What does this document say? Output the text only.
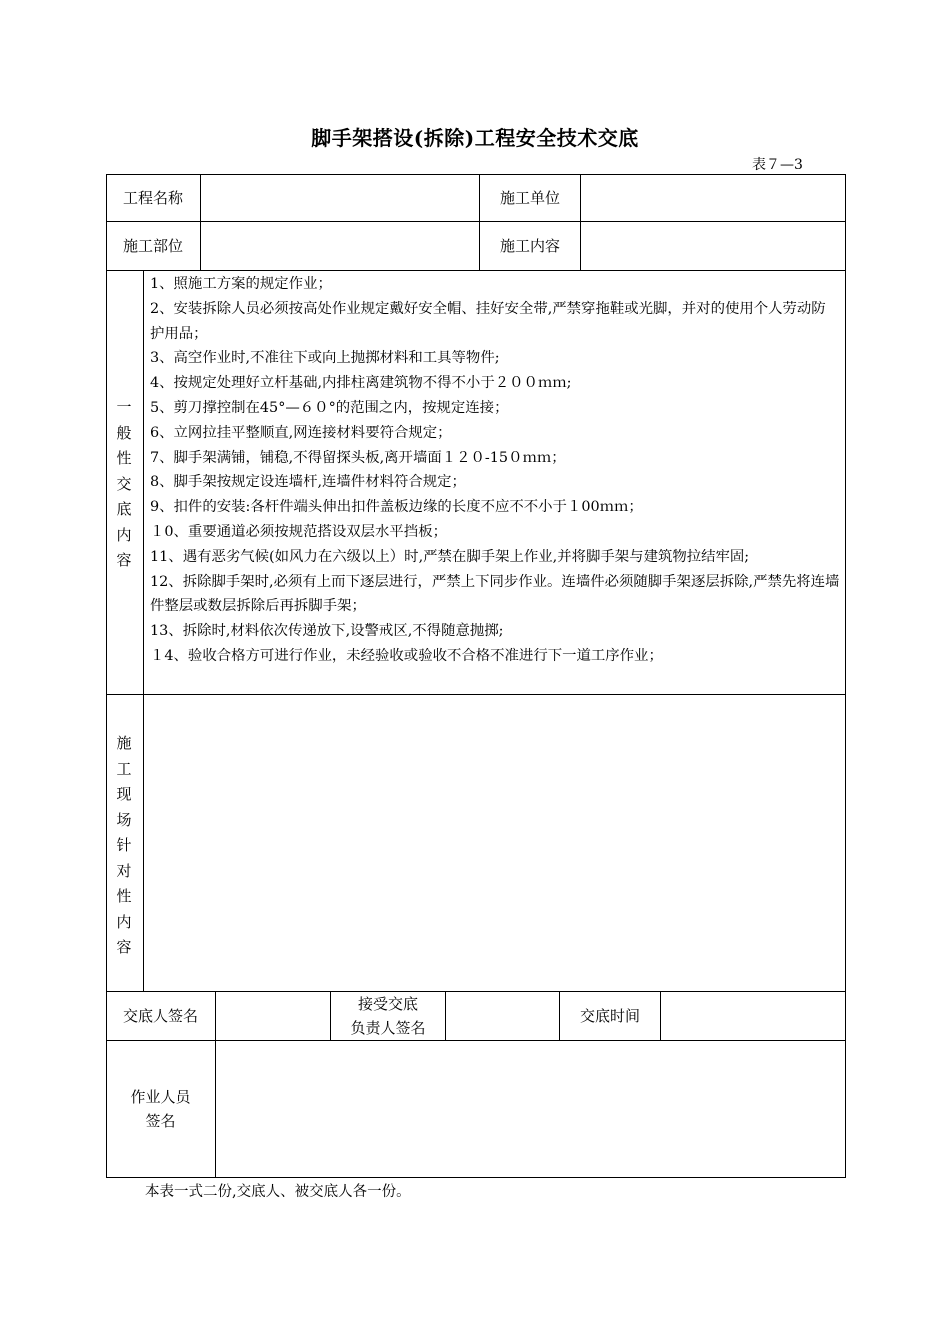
脚手架搭设(拆除)工程安全技术交底
表７—3
工程名称	施工单位
施工部位	施工内容
一
般
性
交
底
内
容
1、照施工方案的规定作业；
2、安装拆除人员必须按高处作业规定戴好安全帽、挂好安全带,严禁穿拖鞋或光脚，并对的使用个人劳动防护用品；
3、高空作业时,不准往下或向上抛掷材料和工具等物件;
4、按规定处理好立杆基础,内排柱离建筑物不得不小于２００ｍｍ;
5、剪刀撑控制在45°—６０°的范围之内，按规定连接；
6、立网拉挂平整顺直,网连接材料要符合规定；
7、脚手架满铺，铺稳,不得留探头板,离开墙面１２０-15０ｍｍ；
8、脚手架按规定设连墙杆,连墙件材料符合规定；
9、扣件的安装:各杆件端头伸出扣件盖板边缘的长度不应不不小于１00ｍｍ；
１0、重要通道必须按规范搭设双层水平挡板；
11、遇有恶劣气候(如风力在六级以上）时,严禁在脚手架上作业,并将脚手架与建筑物拉结牢固;
12、拆除脚手架时,必须有上而下逐层进行，严禁上下同步作业。连墙件必须随脚手架逐层拆除,严禁先将连墙件整层或数层拆除后再拆脚手架；
13、拆除时,材料依次传递放下,设警戒区,不得随意抛掷;
１4、验收合格方可进行作业，未经验收或验收不合格不准进行下一道工序作业；
施
工
现
场
针
对
性
内
容
交底人签名
接受交底
负责人签名
交底时间
作业人员
签名
本表一式二份,交底人、被交底人各一份。
